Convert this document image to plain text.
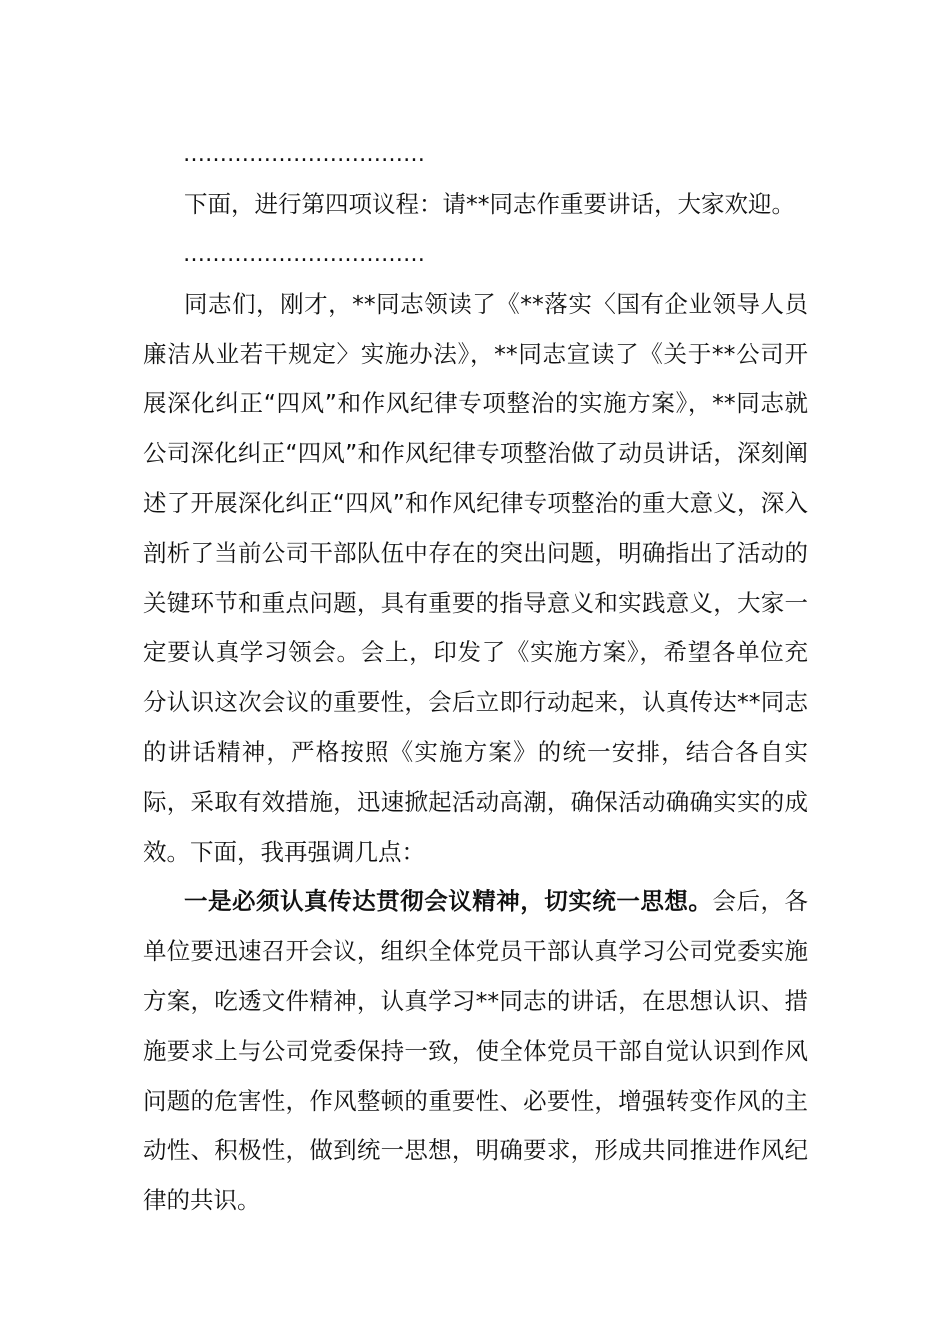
……………………………

下面，进行第四项议程：请**同志作重要讲话，大家欢迎。

……………………………

同志们，刚才，**同志领读了《**落实〈国有企业领导人员廉洁从业若干规定〉实施办法》，**同志宣读了《关于**公司开展深化纠正“四风”和作风纪律专项整治的实施方案》，**同志就公司深化纠正“四风”和作风纪律专项整治做了动员讲话，深刻阐述了开展深化纠正“四风”和作风纪律专项整治的重大意义，深入剖析了当前公司干部队伍中存在的突出问题，明确指出了活动的关键环节和重点问题，具有重要的指导意义和实践意义，大家一定要认真学习领会。会上，印发了《实施方案》，希望各单位充分认识这次会议的重要性，会后立即行动起来，认真传达**同志的讲话精神，严格按照《实施方案》的统一安排，结合各自实际，采取有效措施，迅速掀起活动高潮，确保活动确确实实的成效。下面，我再强调几点：

一是必须认真传达贯彻会议精神，切实统一思想。会后，各单位要迅速召开会议，组织全体党员干部认真学习公司党委实施方案，吃透文件精神，认真学习**同志的讲话，在思想认识、措施要求上与公司党委保持一致，使全体党员干部自觉认识到作风问题的危害性，作风整顿的重要性、必要性，增强转变作风的主动性、积极性，做到统一思想，明确要求，形成共同推进作风纪律的共识。
